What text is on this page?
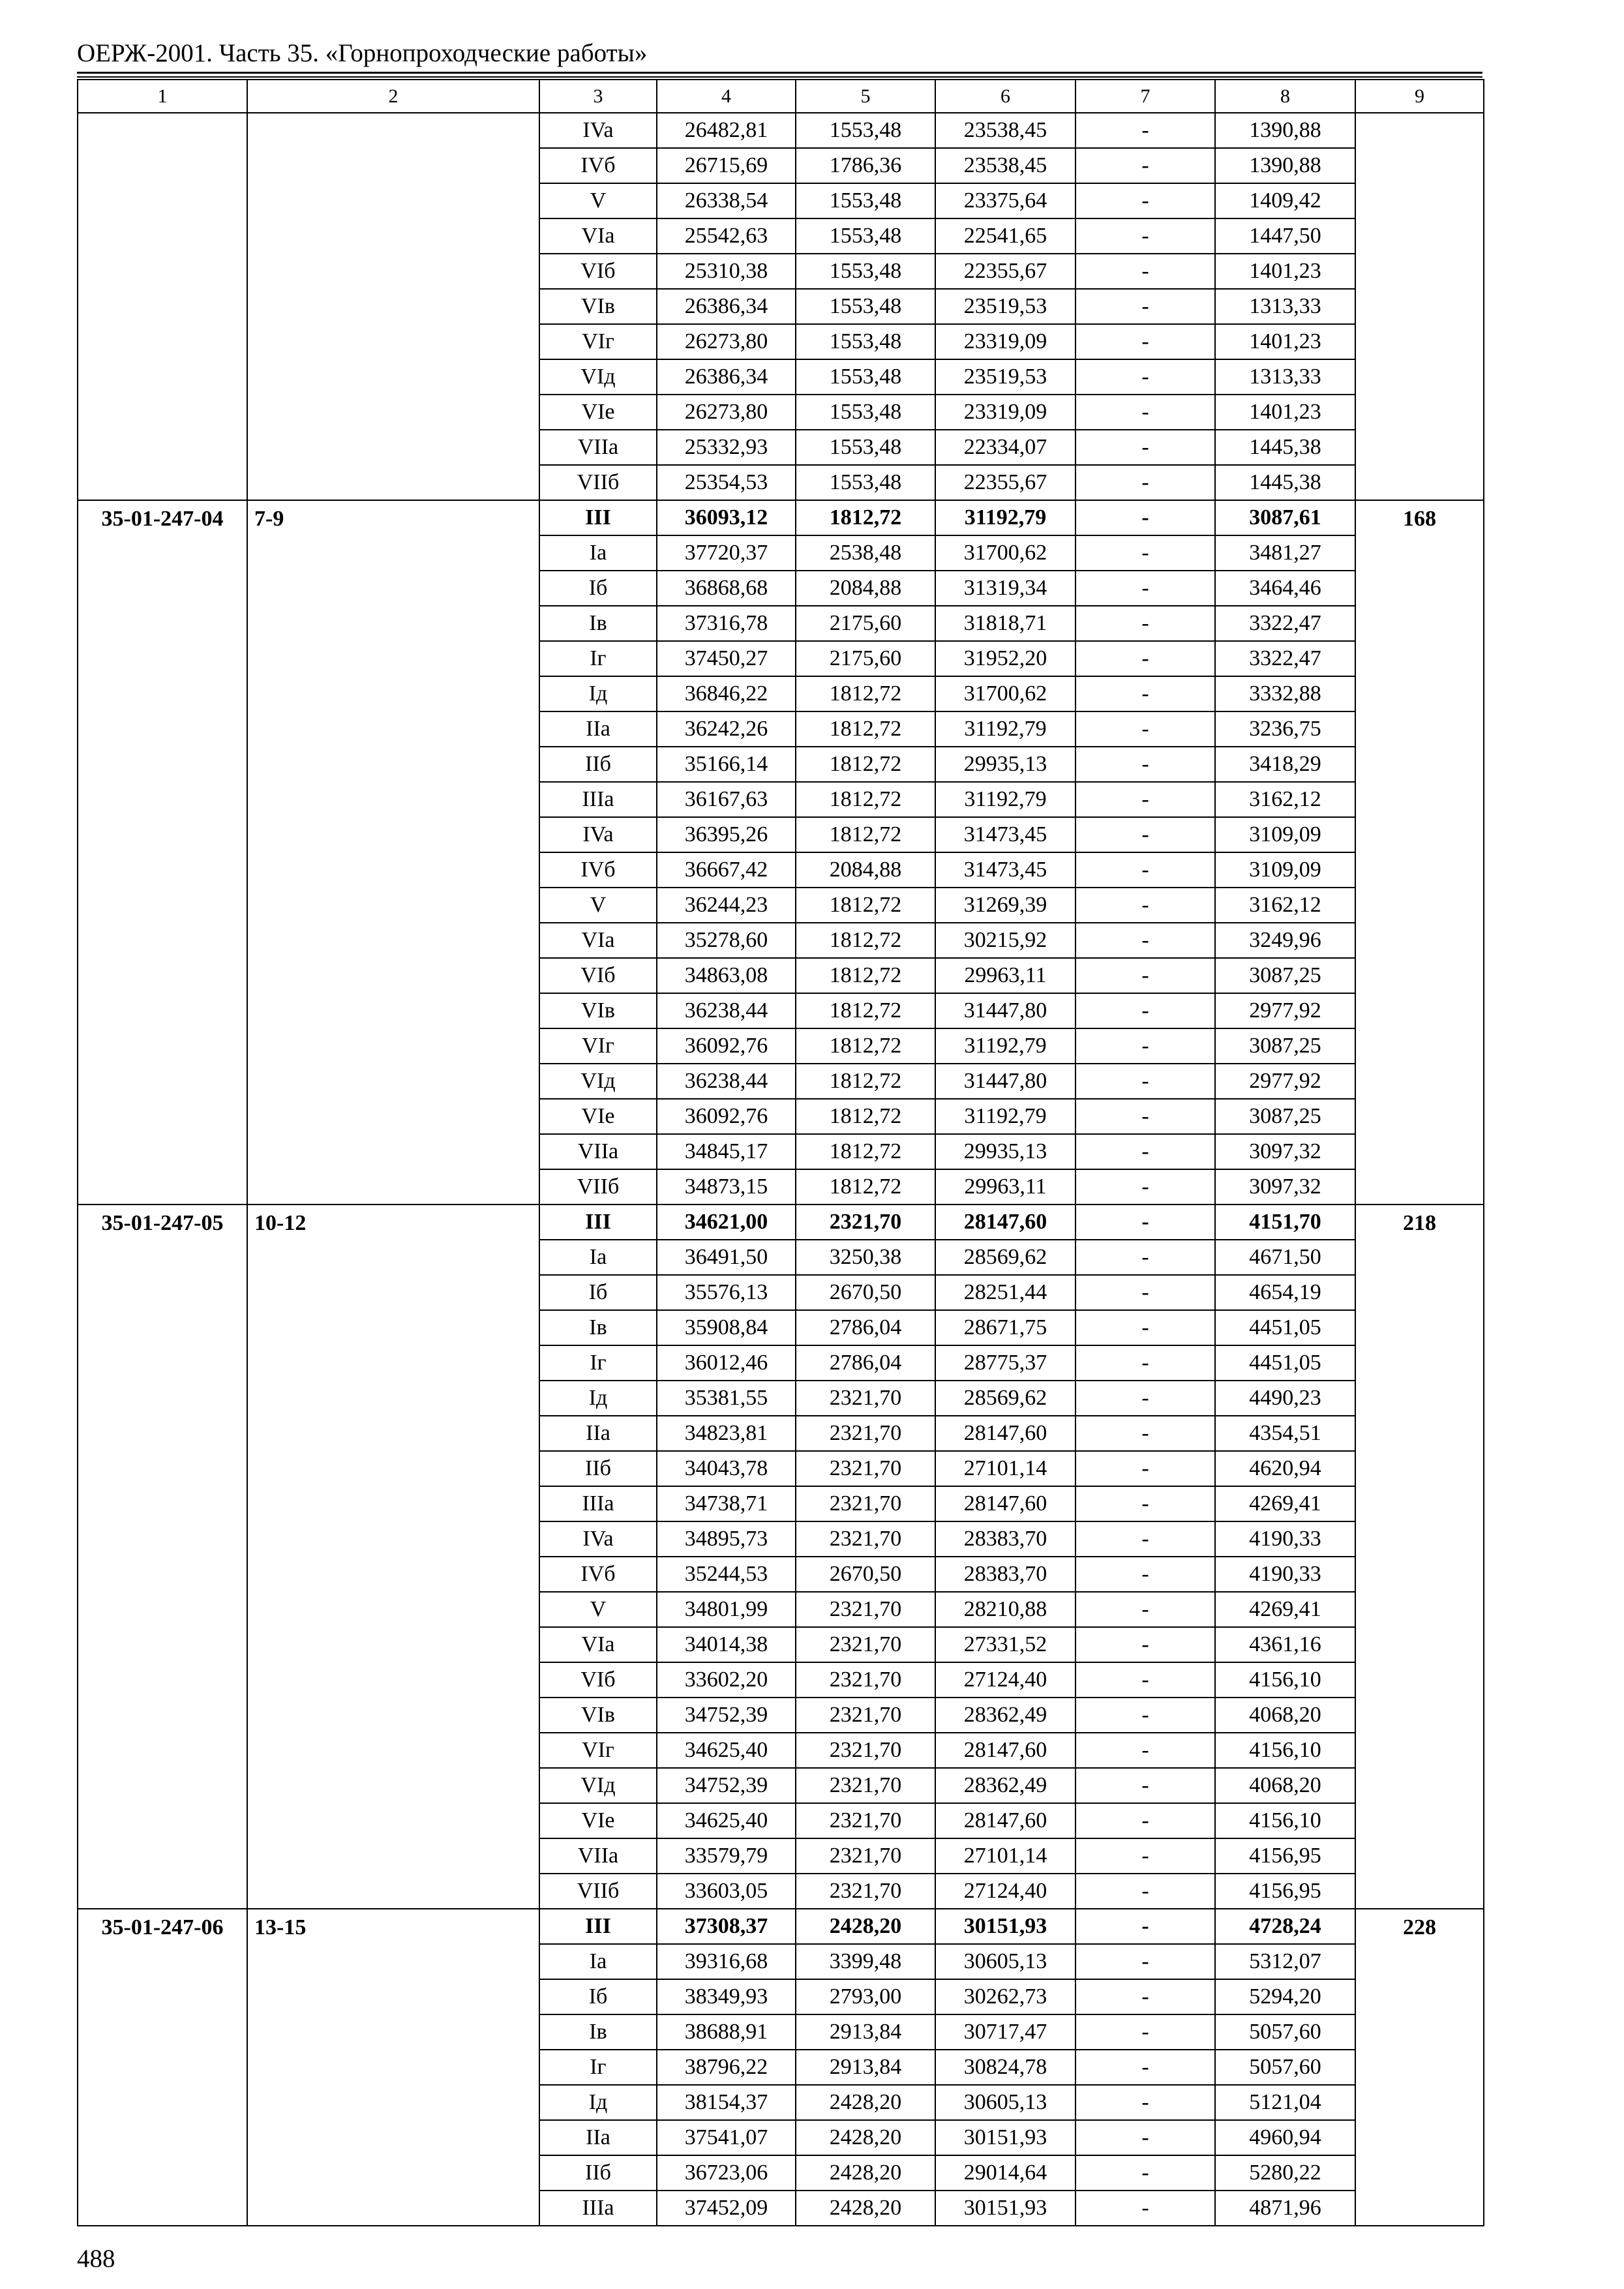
ОЕРЖ-2001. Часть 35. «Горнопроходческие работы»
1	2	3	4	5	6	7	8	9
		IVa	26482,81	1553,48	23538,45	-	1390,88	
		IVб	26715,69	1786,36	23538,45	-	1390,88	
		V	26338,54	1553,48	23375,64	-	1409,42	
		VIa	25542,63	1553,48	22541,65	-	1447,50	
		VIб	25310,38	1553,48	22355,67	-	1401,23	
		VIв	26386,34	1553,48	23519,53	-	1313,33	
		VIг	26273,80	1553,48	23319,09	-	1401,23	
		VIд	26386,34	1553,48	23519,53	-	1313,33	
		VIe	26273,80	1553,48	23319,09	-	1401,23	
		VIIa	25332,93	1553,48	22334,07	-	1445,38	
		VIIб	25354,53	1553,48	22355,67	-	1445,38	
35-01-247-04	7-9	III	36093,12	1812,72	31192,79	-	3087,61	168
		Ia	37720,37	2538,48	31700,62	-	3481,27	
		Iб	36868,68	2084,88	31319,34	-	3464,46	
		Iв	37316,78	2175,60	31818,71	-	3322,47	
		Iг	37450,27	2175,60	31952,20	-	3322,47	
		Iд	36846,22	1812,72	31700,62	-	3332,88	
		IIa	36242,26	1812,72	31192,79	-	3236,75	
		IIб	35166,14	1812,72	29935,13	-	3418,29	
		IIIa	36167,63	1812,72	31192,79	-	3162,12	
		IVa	36395,26	1812,72	31473,45	-	3109,09	
		IVб	36667,42	2084,88	31473,45	-	3109,09	
		V	36244,23	1812,72	31269,39	-	3162,12	
		VIa	35278,60	1812,72	30215,92	-	3249,96	
		VIб	34863,08	1812,72	29963,11	-	3087,25	
		VIв	36238,44	1812,72	31447,80	-	2977,92	
		VIг	36092,76	1812,72	31192,79	-	3087,25	
		VIд	36238,44	1812,72	31447,80	-	2977,92	
		VIe	36092,76	1812,72	31192,79	-	3087,25	
		VIIa	34845,17	1812,72	29935,13	-	3097,32	
		VIIб	34873,15	1812,72	29963,11	-	3097,32	
35-01-247-05	10-12	III	34621,00	2321,70	28147,60	-	4151,70	218
		Ia	36491,50	3250,38	28569,62	-	4671,50	
		Iб	35576,13	2670,50	28251,44	-	4654,19	
		Iв	35908,84	2786,04	28671,75	-	4451,05	
		Iг	36012,46	2786,04	28775,37	-	4451,05	
		Iд	35381,55	2321,70	28569,62	-	4490,23	
		IIa	34823,81	2321,70	28147,60	-	4354,51	
		IIб	34043,78	2321,70	27101,14	-	4620,94	
		IIIa	34738,71	2321,70	28147,60	-	4269,41	
		IVa	34895,73	2321,70	28383,70	-	4190,33	
		IVб	35244,53	2670,50	28383,70	-	4190,33	
		V	34801,99	2321,70	28210,88	-	4269,41	
		VIa	34014,38	2321,70	27331,52	-	4361,16	
		VIб	33602,20	2321,70	27124,40	-	4156,10	
		VIв	34752,39	2321,70	28362,49	-	4068,20	
		VIг	34625,40	2321,70	28147,60	-	4156,10	
		VIд	34752,39	2321,70	28362,49	-	4068,20	
		VIe	34625,40	2321,70	28147,60	-	4156,10	
		VIIa	33579,79	2321,70	27101,14	-	4156,95	
		VIIб	33603,05	2321,70	27124,40	-	4156,95	
35-01-247-06	13-15	III	37308,37	2428,20	30151,93	-	4728,24	228
		Ia	39316,68	3399,48	30605,13	-	5312,07	
		Iб	38349,93	2793,00	30262,73	-	5294,20	
		Iв	38688,91	2913,84	30717,47	-	5057,60	
		Iг	38796,22	2913,84	30824,78	-	5057,60	
		Iд	38154,37	2428,20	30605,13	-	5121,04	
		IIa	37541,07	2428,20	30151,93	-	4960,94	
		IIб	36723,06	2428,20	29014,64	-	5280,22	
		IIIa	37452,09	2428,20	30151,93	-	4871,96	
488
